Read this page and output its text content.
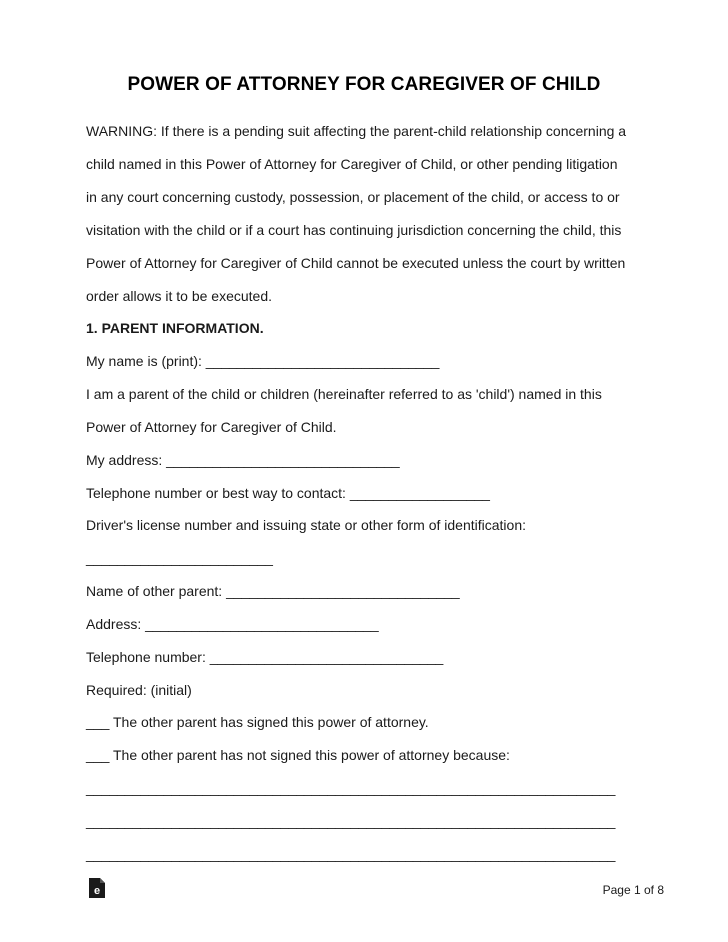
POWER OF ATTORNEY FOR CAREGIVER OF CHILD

WARNING: If there is a pending suit affecting the parent-child relationship concerning a

child named in this Power of Attorney for Caregiver of Child, or other pending litigation

in any court concerning custody, possession, or placement of the child, or access to or

visitation with the child or if a court has continuing jurisdiction concerning the child, this

Power of Attorney for Caregiver of Child cannot be executed unless the court by written

order allows it to be executed.

1. PARENT INFORMATION.
My name is (print): ______________________________
I am a parent of the child or children (hereinafter referred to as 'child') named in this
Power of Attorney for Caregiver of Child.
My address: ______________________________
Telephone number or best way to contact: __________________
Driver's license number and issuing state or other form of identification:
________________________
Name of other parent: ______________________________
Address: ______________________________
Telephone number: ______________________________
Required: (initial)
___ The other parent has signed this power of attorney.
___ The other parent has not signed this power of attorney because:
____________________________________________________________________
____________________________________________________________________
____________________________________________________________________
e	Page 1 of 8
